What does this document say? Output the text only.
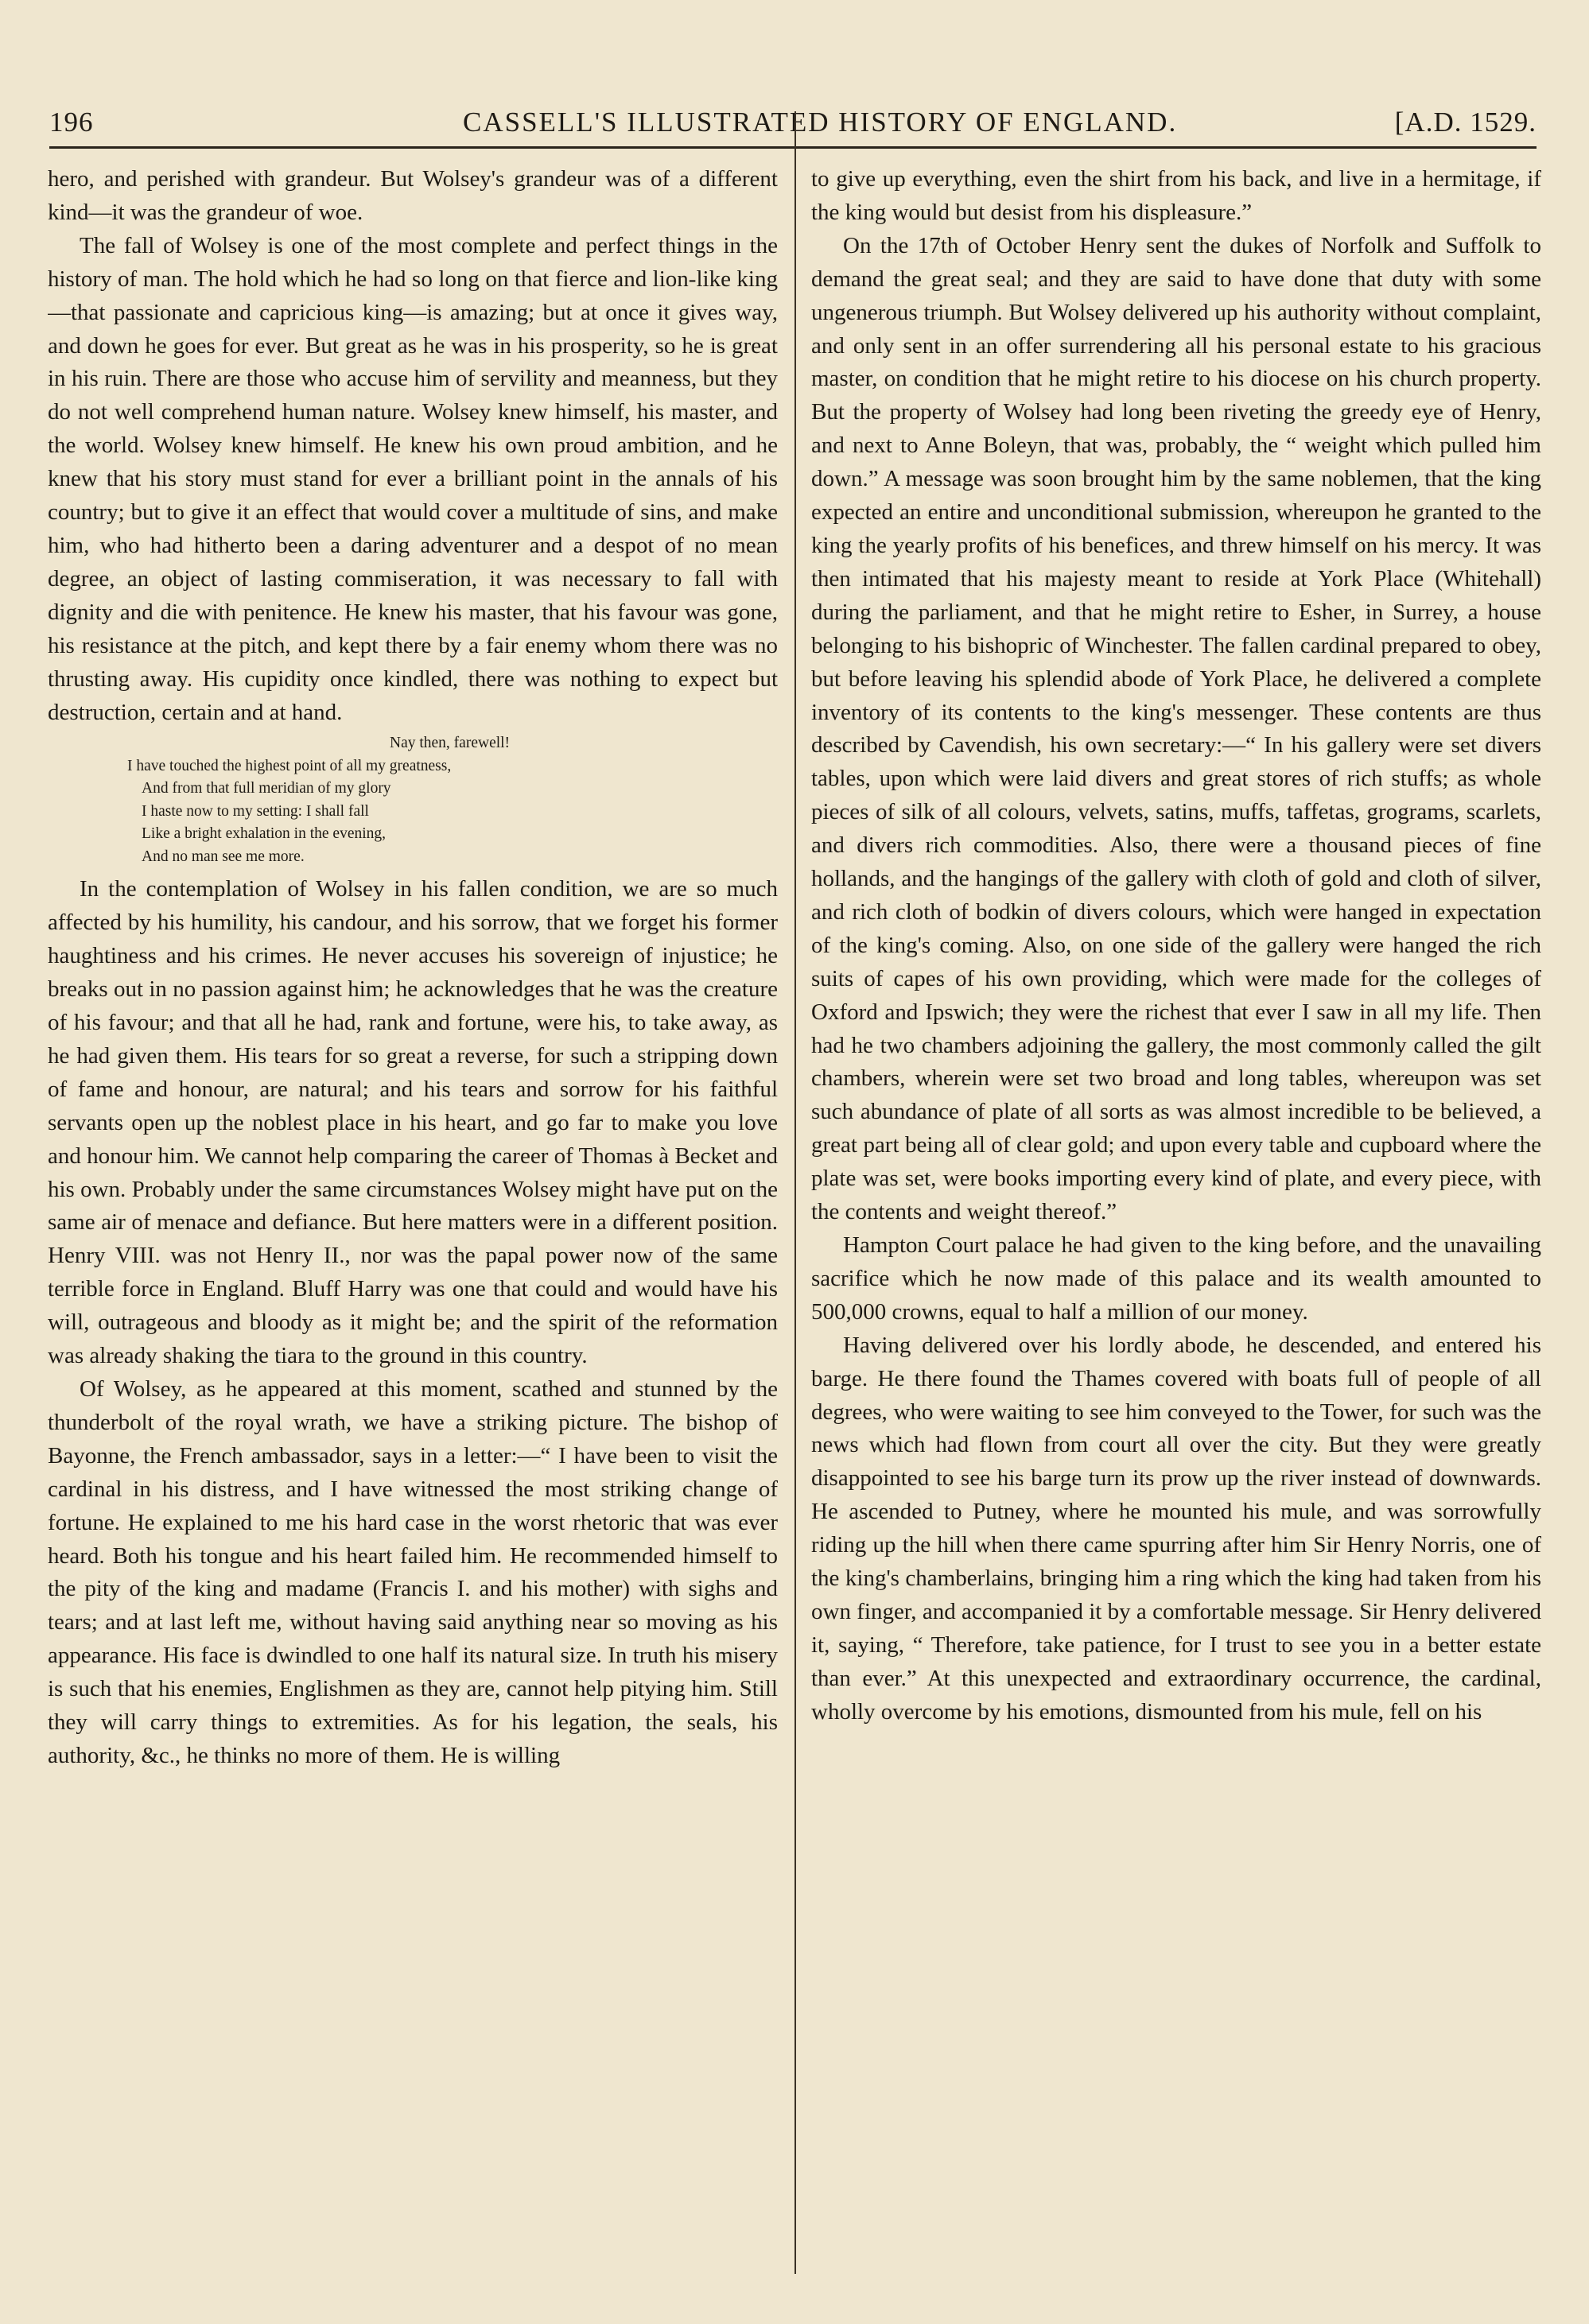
196	CASSELL'S ILLUSTRATED HISTORY OF ENGLAND.	[A.D. 1529.

hero, and perished with grandeur. But Wolsey's grandeur was of a different kind—it was the grandeur of woe.

The fall of Wolsey is one of the most complete and perfect things in the history of man. The hold which he had so long on that fierce and lion-like king—that passionate and capricious king—is amazing; but at once it gives way, and down he goes for ever. But great as he was in his prosperity, so he is great in his ruin. There are those who accuse him of servility and meanness, but they do not well comprehend human nature. Wolsey knew himself, his master, and the world. Wolsey knew himself. He knew his own proud ambition, and he knew that his story must stand for ever a brilliant point in the annals of his country; but to give it an effect that would cover a multitude of sins, and make him, who had hitherto been a daring adventurer and a despot of no mean degree, an object of lasting commiseration, it was necessary to fall with dignity and die with penitence. He knew his master, that his favour was gone, his resistance at the pitch, and kept there by a fair enemy whom there was no thrusting away. His cupidity once kindled, there was nothing to expect but destruction, certain and at hand.

Nay then, farewell!
I have touched the highest point of all my greatness,
And from that full meridian of my glory
I haste now to my setting: I shall fall
Like a bright exhalation in the evening,
And no man see me more.

In the contemplation of Wolsey in his fallen condition, we are so much affected by his humility, his candour, and his sorrow, that we forget his former haughtiness and his crimes. He never accuses his sovereign of injustice; he breaks out in no passion against him; he acknowledges that he was the creature of his favour; and that all he had, rank and fortune, were his, to take away, as he had given them. His tears for so great a reverse, for such a stripping down of fame and honour, are natural; and his tears and sorrow for his faithful servants open up the noblest place in his heart, and go far to make you love and honour him. We cannot help comparing the career of Thomas à Becket and his own. Probably under the same circumstances Wolsey might have put on the same air of menace and defiance. But here matters were in a different position. Henry VIII. was not Henry II., nor was the papal power now of the same terrible force in England. Bluff Harry was one that could and would have his will, outrageous and bloody as it might be; and the spirit of the reformation was already shaking the tiara to the ground in this country.

Of Wolsey, as he appeared at this moment, scathed and stunned by the thunderbolt of the royal wrath, we have a striking picture. The bishop of Bayonne, the French ambassador, says in a letter:—“ I have been to visit the cardinal in his distress, and I have witnessed the most striking change of fortune. He explained to me his hard case in the worst rhetoric that was ever heard. Both his tongue and his heart failed him. He recommended himself to the pity of the king and madame (Francis I. and his mother) with sighs and tears; and at last left me, without having said anything near so moving as his appearance. His face is dwindled to one half its natural size. In truth his misery is such that his enemies, Englishmen as they are, cannot help pitying him. Still they will carry things to extremities. As for his legation, the seals, his authority, &c., he thinks no more of them. He is willing

to give up everything, even the shirt from his back, and live in a hermitage, if the king would but desist from his displeasure.”

On the 17th of October Henry sent the dukes of Norfolk and Suffolk to demand the great seal; and they are said to have done that duty with some ungenerous triumph. But Wolsey delivered up his authority without complaint, and only sent in an offer surrendering all his personal estate to his gracious master, on condition that he might retire to his diocese on his church property. But the property of Wolsey had long been riveting the greedy eye of Henry, and next to Anne Boleyn, that was, probably, the “ weight which pulled him down.” A message was soon brought him by the same noblemen, that the king expected an entire and unconditional submission, whereupon he granted to the king the yearly profits of his benefices, and threw himself on his mercy. It was then intimated that his majesty meant to reside at York Place (Whitehall) during the parliament, and that he might retire to Esher, in Surrey, a house belonging to his bishopric of Winchester. The fallen cardinal prepared to obey, but before leaving his splendid abode of York Place, he delivered a complete inventory of its contents to the king's messenger. These contents are thus described by Cavendish, his own secretary:—“ In his gallery were set divers tables, upon which were laid divers and great stores of rich stuffs; as whole pieces of silk of all colours, velvets, satins, muffs, taffetas, grograms, scarlets, and divers rich commodities. Also, there were a thousand pieces of fine hollands, and the hangings of the gallery with cloth of gold and cloth of silver, and rich cloth of bodkin of divers colours, which were hanged in expectation of the king's coming. Also, on one side of the gallery were hanged the rich suits of capes of his own providing, which were made for the colleges of Oxford and Ipswich; they were the richest that ever I saw in all my life. Then had he two chambers adjoining the gallery, the most commonly called the gilt chambers, wherein were set two broad and long tables, whereupon was set such abundance of plate of all sorts as was almost incredible to be believed, a great part being all of clear gold; and upon every table and cupboard where the plate was set, were books importing every kind of plate, and every piece, with the contents and weight thereof.”

Hampton Court palace he had given to the king before, and the unavailing sacrifice which he now made of this palace and its wealth amounted to 500,000 crowns, equal to half a million of our money.

Having delivered over his lordly abode, he descended, and entered his barge. He there found the Thames covered with boats full of people of all degrees, who were waiting to see him conveyed to the Tower, for such was the news which had flown from court all over the city. But they were greatly disappointed to see his barge turn its prow up the river instead of downwards. He ascended to Putney, where he mounted his mule, and was sorrowfully riding up the hill when there came spurring after him Sir Henry Norris, one of the king's chamberlains, bringing him a ring which the king had taken from his own finger, and accompanied it by a comfortable message. Sir Henry delivered it, saying, “ Therefore, take patience, for I trust to see you in a better estate than ever.” At this unexpected and extraordinary occurrence, the cardinal, wholly overcome by his emotions, dismounted from his mule, fell on his
